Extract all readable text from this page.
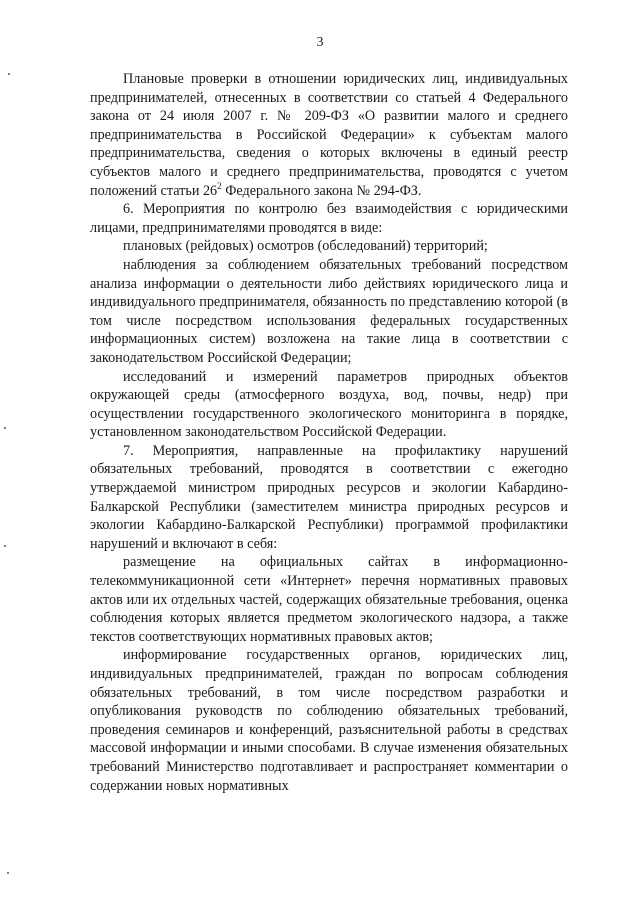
3

Плановые проверки в отношении юридических лиц, индивидуальных предпринимателей, отнесенных в соответствии со статьей 4 Федерального закона от 24 июля 2007 г. № 209-ФЗ «О развитии малого и среднего предпринимательства в Российской Федерации» к субъектам малого предпринимательства, сведения о которых включены в единый реестр субъектов малого и среднего предпринимательства, проводятся с учетом положений статьи $26^2$ Федерального закона № 294-ФЗ.

6. Мероприятия по контролю без взаимодействия с юридическими лицами, предпринимателями проводятся в виде:

плановых (рейдовых) осмотров (обследований) территорий;

наблюдения за соблюдением обязательных требований посредством анализа информации о деятельности либо действиях юридического лица и индивидуального предпринимателя, обязанность по представлению которой (в том числе посредством использования федеральных государственных информационных систем) возложена на такие лица в соответствии с законодательством Российской Федерации;

исследований и измерений параметров природных объектов окружающей среды (атмосферного воздуха, вод, почвы, недр) при осуществлении государственного экологического мониторинга в порядке, установленном законодательством Российской Федерации.

7. Мероприятия, направленные на профилактику нарушений обязательных требований, проводятся в соответствии с ежегодно утверждаемой министром природных ресурсов и экологии Кабардино-Балкарской Республики (заместителем министра природных ресурсов и экологии Кабардино-Балкарской Республики) программой профилактики нарушений и включают в себя:

размещение на официальных сайтах в информационно-телекоммуникационной сети «Интернет» перечня нормативных правовых актов или их отдельных частей, содержащих обязательные требования, оценка соблюдения которых является предметом экологического надзора, а также текстов соответствующих нормативных правовых актов;

информирование государственных органов, юридических лиц, индивидуальных предпринимателей, граждан по вопросам соблюдения обязательных требований, в том числе посредством разработки и опубликования руководств по соблюдению обязательных требований, проведения семинаров и конференций, разъяснительной работы в средствах массовой информации и иными способами. В случае изменения обязательных требований Министерство подготавливает и распространяет комментарии о содержании новых нормативных
